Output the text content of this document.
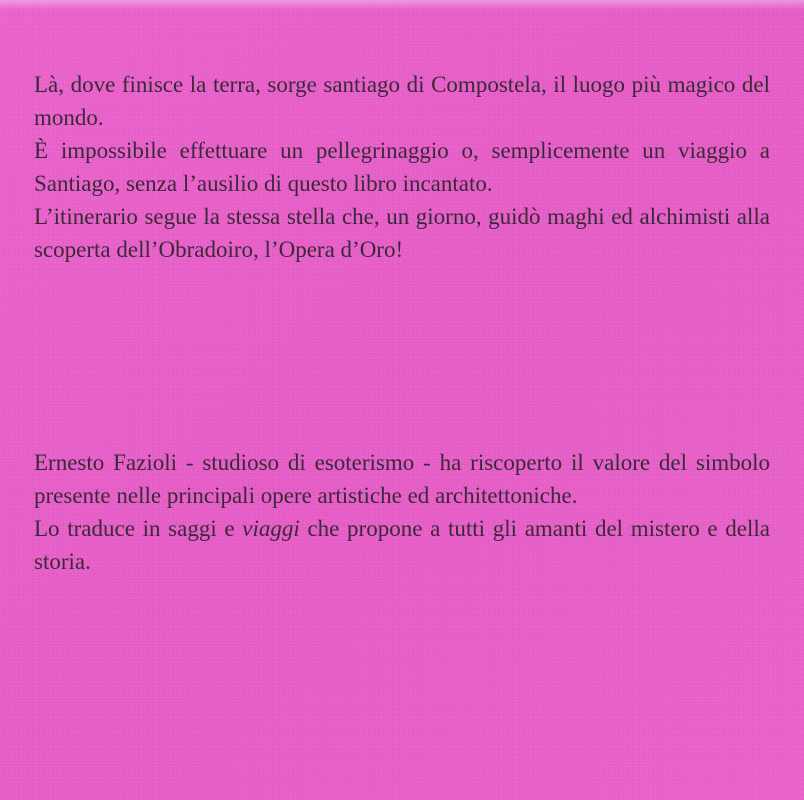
Là, dove finisce la terra, sorge santiago di Compostela, il luogo più magico del mondo.

È impossibile effettuare un pellegrinaggio o, semplicemente un viaggio a Santiago, senza l’ausilio di questo libro incantato.

L’itinerario segue la stessa stella che, un giorno, guidò maghi ed alchimisti alla scoperta dell’Obradoiro, l’Opera d’Oro!

Ernesto Fazioli - studioso di esoterismo - ha riscoperto il valore del simbolo presente nelle principali opere artistiche ed architettoniche.

Lo traduce in saggi e viaggi che propone a tutti gli amanti del mistero e della storia.
